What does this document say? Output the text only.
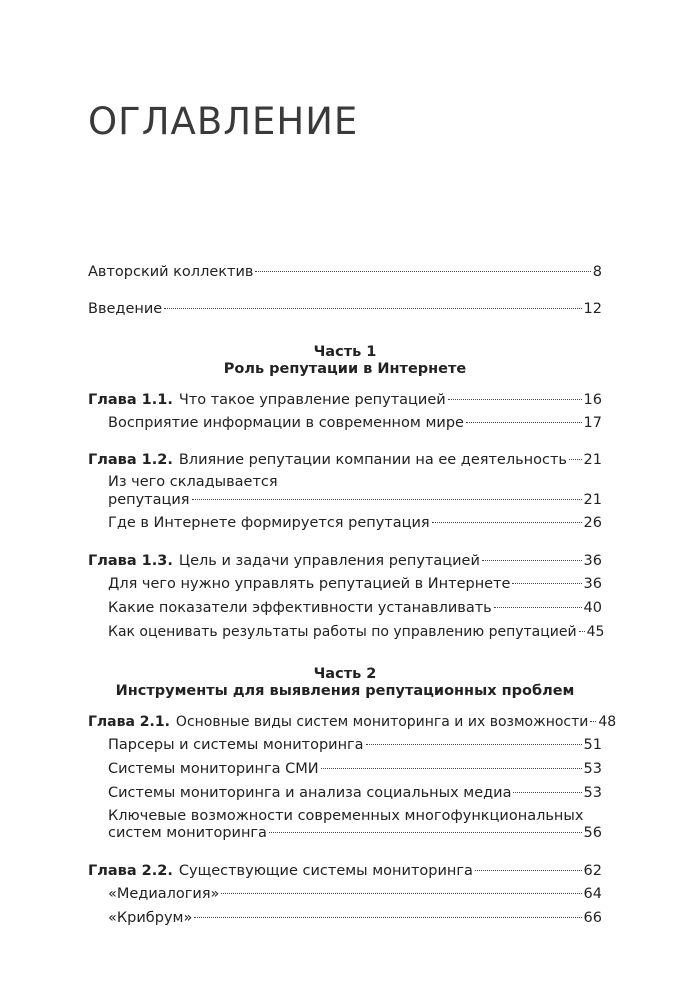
ОГЛАВЛЕНИЕ
Авторский коллектив	8
Введение	12
Часть 1
Роль репутации в Интернете
Глава 1.1. Что такое управление репутацией	16
Восприятие информации в современном мире	17
Глава 1.2. Влияние репутации компании на ее деятельность 21
Из чего складывается
репутация	21
Где в Интернете формируется репутация	26
Глава 1.3. Цель и задачи управления репутацией	36
Для чего нужно управлять репутацией в Интернете	36
Какие показатели эффективности устанавливать	40
Как оценивать результаты работы по управлению репутацией 45
Часть 2
Инструменты для выявления репутационных проблем
Глава 2.1. Основные виды систем мониторинга и их возможности 48
Парсеры и системы мониторинга	51
Системы мониторинга СМИ	53
Системы мониторинга и анализа социальных медиа	53
Ключевые возможности современных многофункциональных
систем мониторинга	56
Глава 2.2. Существующие системы мониторинга	62
«Медиалогия»	64
«Крибрум»	66
